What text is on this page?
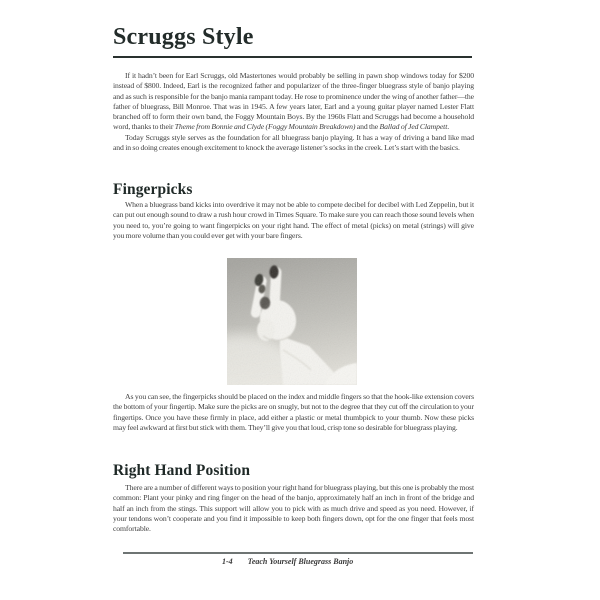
Scruggs Style

If it hadn’t been for Earl Scruggs, old Mastertones would probably be selling in pawn shop windows today for $200 instead of $800. Indeed, Earl is the recognized father and popularizer of the three-finger bluegrass style of banjo playing and as such is responsible for the banjo mania rampant today. He rose to prominence under the wing of another father—the father of bluegrass, Bill Monroe. That was in 1945. A few years later, Earl and a young guitar player named Lester Flatt branched off to form their own band, the Foggy Mountain Boys. By the 1960s Flatt and Scruggs had become a household word, thanks to their Theme from Bonnie and Clyde (Foggy Mountain Breakdown) and the Ballad of Jed Clampett.

Today Scruggs style serves as the foundation for all bluegrass banjo playing. It has a way of driving a band like mad and in so doing creates enough excitement to knock the average listener’s socks in the creek. Let’s start with the basics.

Fingerpicks

When a bluegrass band kicks into overdrive it may not be able to compete decibel for decibel with Led Zeppelin, but it can put out enough sound to draw a rush hour crowd in Times Square. To make sure you can reach those sound levels when you need to, you’re going to want fingerpicks on your right hand. The effect of metal (picks) on metal (strings) will give you more volume than you could ever get with your bare fingers.

As you can see, the fingerpicks should be placed on the index and middle fingers so that the hook-like extension covers the bottom of your fingertip. Make sure the picks are on snugly, but not to the degree that they cut off the circulation to your fingertips. Once you have these firmly in place, add either a plastic or metal thumbpick to your thumb. Now these picks may feel awkward at first but stick with them. They’ll give you that loud, crisp tone so desirable for bluegrass playing.

Right Hand Position

There are a number of different ways to position your right hand for bluegrass playing, but this one is probably the most common: Plant your pinky and ring finger on the head of the banjo, approximately half an inch in front of the bridge and half an inch from the stings. This support will allow you to pick with as much drive and speed as you need. However, if your tendons won’t cooperate and you find it impossible to keep both fingers down, opt for the one finger that feels most comfortable.

1-4 Teach Yourself Bluegrass Banjo
